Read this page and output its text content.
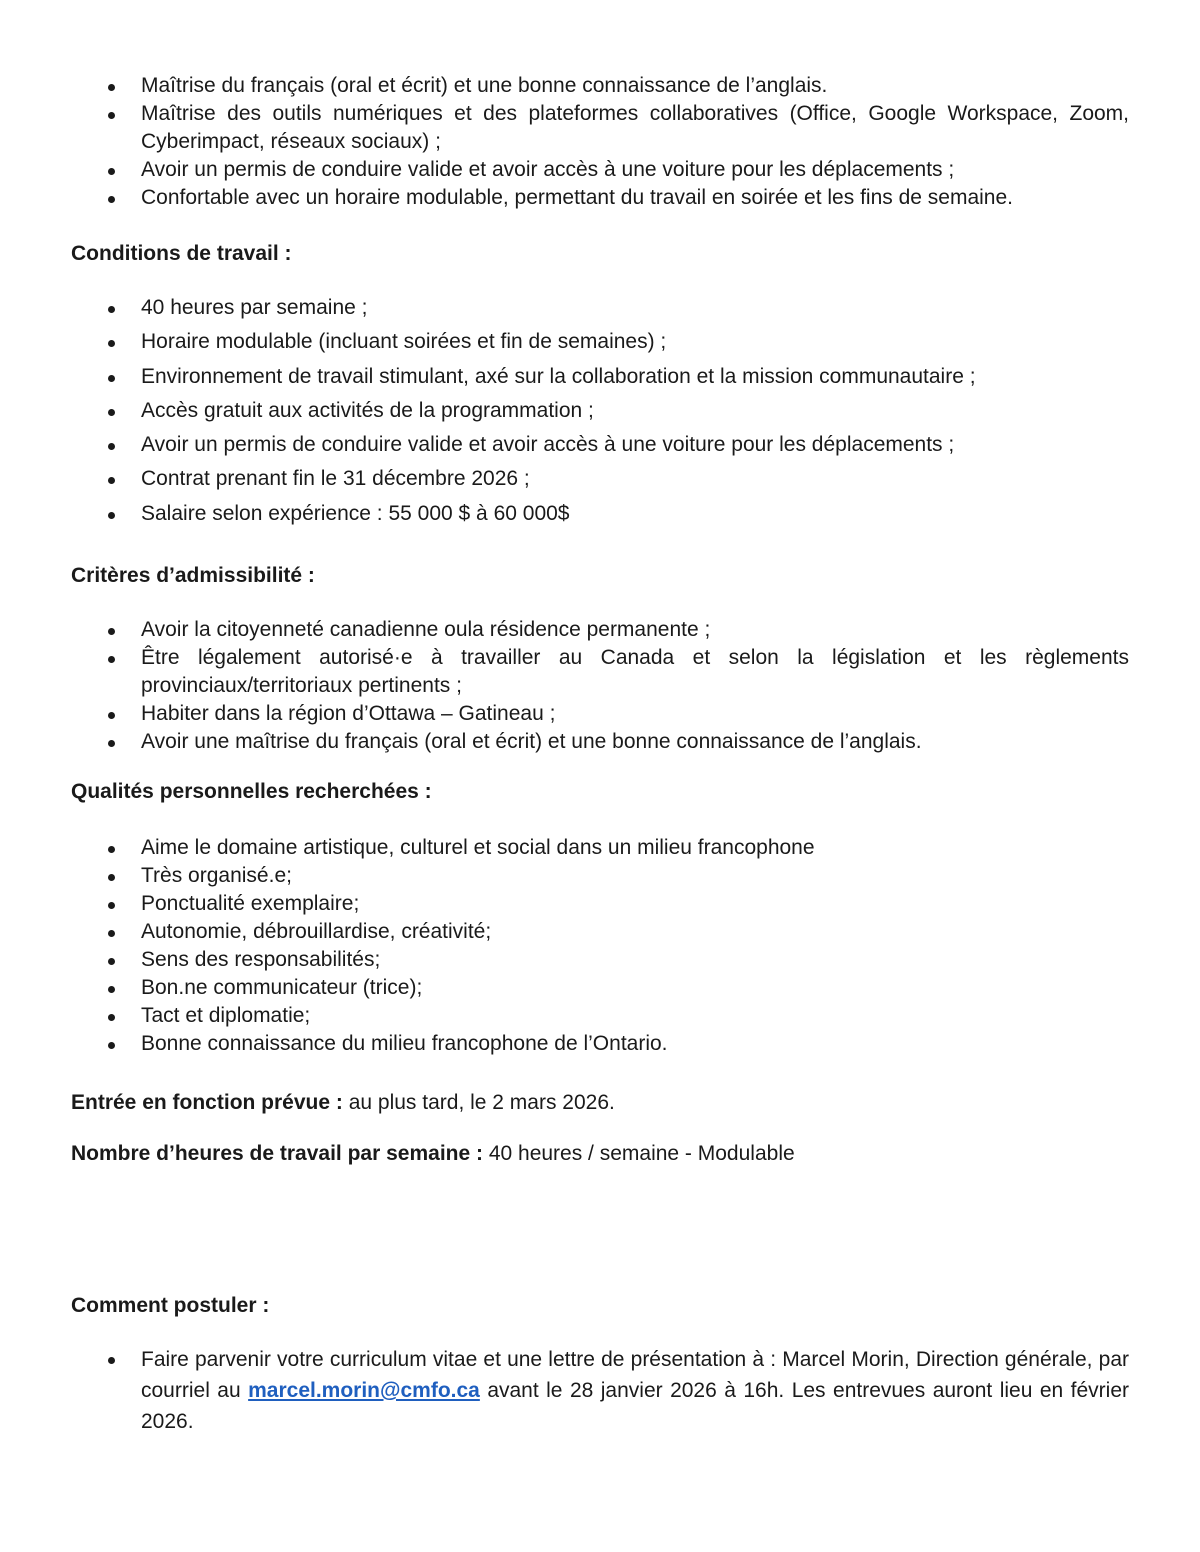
Maîtrise du français (oral et écrit) et une bonne connaissance de l’anglais.
Maîtrise des outils numériques et des plateformes collaboratives (Office, Google Workspace, Zoom, Cyberimpact, réseaux sociaux) ;
Avoir un permis de conduire valide et avoir accès à une voiture pour les déplacements ;
Confortable avec un horaire modulable, permettant du travail en soirée et les fins de semaine.
Conditions de travail :
40 heures par semaine ;
Horaire modulable (incluant soirées et fin de semaines) ;
Environnement de travail stimulant, axé sur la collaboration et la mission communautaire ;
Accès gratuit aux activités de la programmation ;
Avoir un permis de conduire valide et avoir accès à une voiture pour les déplacements ;
Contrat prenant fin le 31 décembre 2026 ;
Salaire selon expérience : 55 000 $ à 60 000$
Critères d’admissibilité :
Avoir la citoyenneté canadienne oula résidence permanente ;
Être légalement autorisé·e à travailler au Canada et selon la législation et les règlements provinciaux/territoriaux pertinents ;
Habiter dans la région d’Ottawa – Gatineau ;
Avoir une maîtrise du français (oral et écrit) et une bonne connaissance de l’anglais.
Qualités personnelles recherchées :
Aime le domaine artistique, culturel et social dans un milieu francophone
Très organisé.e;
Ponctualité exemplaire;
Autonomie, débrouillardise, créativité;
Sens des responsabilités;
Bon.ne communicateur (trice);
Tact et diplomatie;
Bonne connaissance du milieu francophone de l’Ontario.
Entrée en fonction prévue : au plus tard, le 2 mars 2026.
Nombre d’heures de travail par semaine : 40 heures / semaine - Modulable
Comment postuler :
Faire parvenir votre curriculum vitae et une lettre de présentation à : Marcel Morin, Direction générale, par courriel au marcel.morin@cmfo.ca avant le 28 janvier 2026 à 16h. Les entrevues auront lieu en février 2026.
